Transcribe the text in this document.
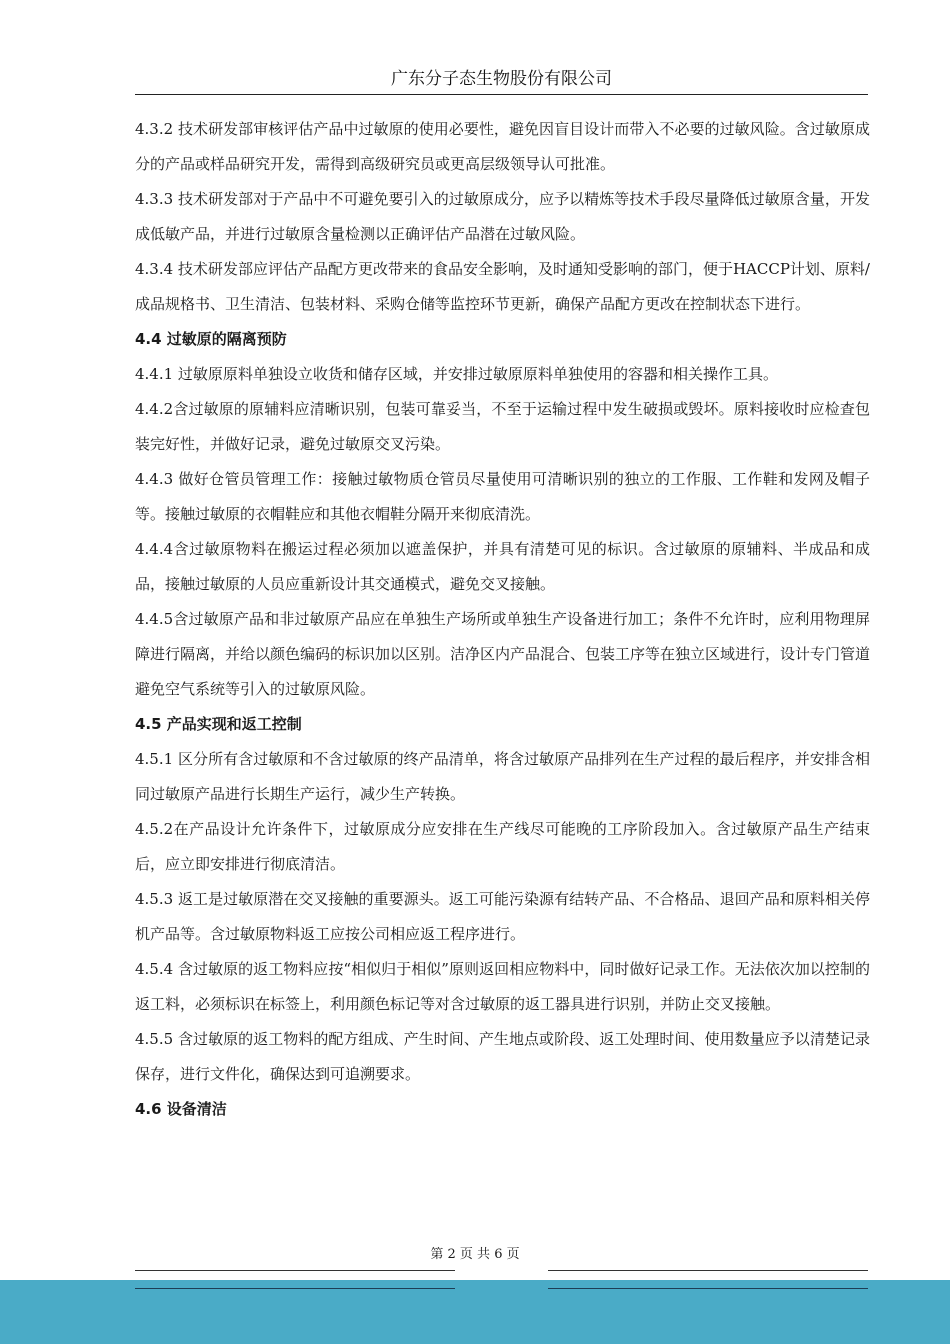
广东分子态生物股份有限公司

4.3.2 技术研发部审核评估产品中过敏原的使用必要性，避免因盲目设计而带入不必要的过敏风险。含过敏原成分的产品或样品研究开发，需得到高级研究员或更高层级领导认可批准。

4.3.3 技术研发部对于产品中不可避免要引入的过敏原成分，应予以精炼等技术手段尽量降低过敏原含量，开发成低敏产品，并进行过敏原含量检测以正确评估产品潜在过敏风险。

4.3.4 技术研发部应评估产品配方更改带来的食品安全影响，及时通知受影响的部门，便于HACCP计划、原料/成品规格书、卫生清洁、包装材料、采购仓储等监控环节更新，确保产品配方更改在控制状态下进行。

4.4 过敏原的隔离预防

4.4.1 过敏原原料单独设立收货和储存区域，并安排过敏原原料单独使用的容器和相关操作工具。

4.4.2含过敏原的原辅料应清晰识别，包装可靠妥当，不至于运输过程中发生破损或毁坏。原料接收时应检查包装完好性，并做好记录，避免过敏原交叉污染。

4.4.3 做好仓管员管理工作：接触过敏物质仓管员尽量使用可清晰识别的独立的工作服、工作鞋和发网及帽子等。接触过敏原的衣帽鞋应和其他衣帽鞋分隔开来彻底清洗。

4.4.4含过敏原物料在搬运过程必须加以遮盖保护，并具有清楚可见的标识。含过敏原的原辅料、半成品和成品，接触过敏原的人员应重新设计其交通模式，避免交叉接触。

4.4.5含过敏原产品和非过敏原产品应在单独生产场所或单独生产设备进行加工；条件不允许时，应利用物理屏障进行隔离，并给以颜色编码的标识加以区别。洁净区内产品混合、包装工序等在独立区域进行，设计专门管道避免空气系统等引入的过敏原风险。

4.5 产品实现和返工控制

4.5.1 区分所有含过敏原和不含过敏原的终产品清单，将含过敏原产品排列在生产过程的最后程序，并安排含相同过敏原产品进行长期生产运行，减少生产转换。

4.5.2在产品设计允许条件下，过敏原成分应安排在生产线尽可能晚的工序阶段加入。含过敏原产品生产结束后，应立即安排进行彻底清洁。

4.5.3 返工是过敏原潜在交叉接触的重要源头。返工可能污染源有结转产品、不合格品、退回产品和原料相关停机产品等。含过敏原物料返工应按公司相应返工程序进行。

4.5.4 含过敏原的返工物料应按“相似归于相似”原则返回相应物料中，同时做好记录工作。无法依次加以控制的返工料，必须标识在标签上，利用颜色标记等对含过敏原的返工器具进行识别，并防止交叉接触。

4.5.5 含过敏原的返工物料的配方组成、产生时间、产生地点或阶段、返工处理时间、使用数量应予以清楚记录保存，进行文件化，确保达到可追溯要求。

4.6 设备清洁

第 2 页 共 6 页
